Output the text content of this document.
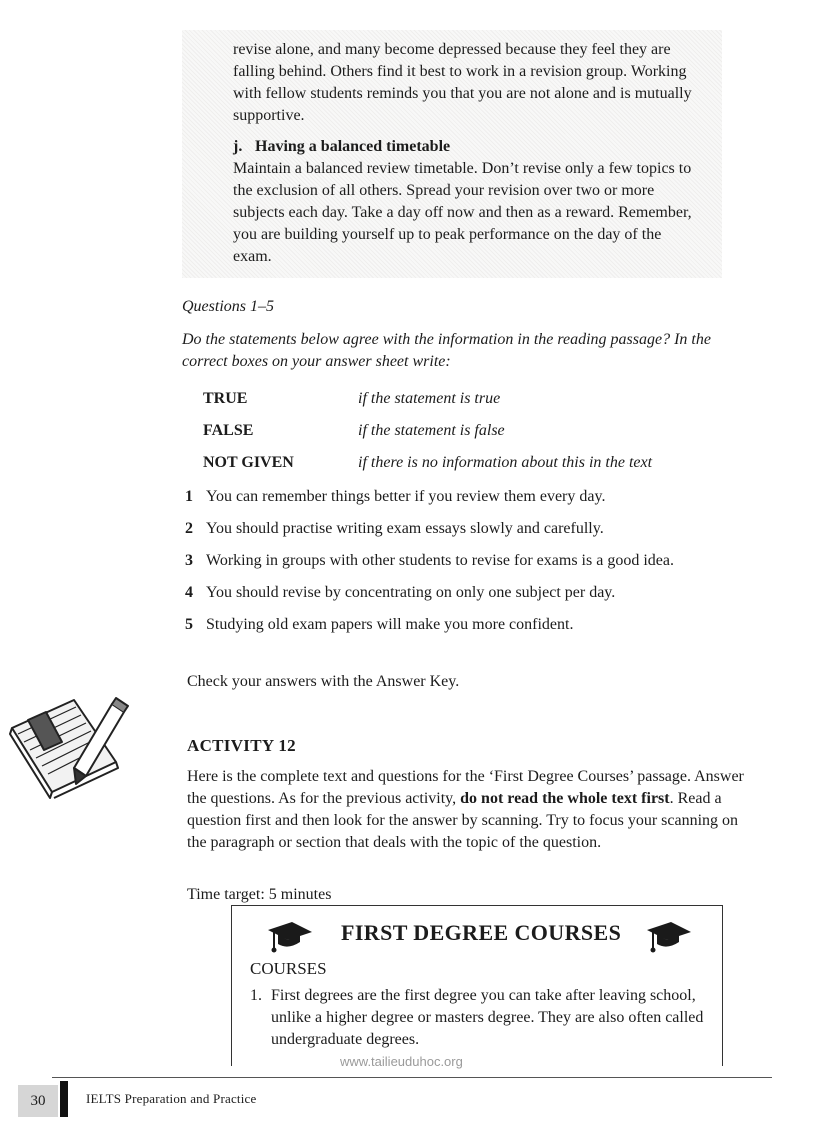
revise alone, and many become depressed because they feel they are falling behind. Others find it best to work in a revision group. Working with fellow students reminds you that you are not alone and is mutually supportive.

j. Having a balanced timetable

Maintain a balanced review timetable. Don’t revise only a few topics to the exclusion of all others. Spread your revision over two or more subjects each day. Take a day off now and then as a reward. Remember, you are building yourself up to peak performance on the day of the exam.

Questions 1–5

Do the statements below agree with the information in the reading passage? In the correct boxes on your answer sheet write:

TRUE	if the statement is true
FALSE	if the statement is false
NOT GIVEN	if there is no information about this in the text
1 You can remember things better if you review them every day.
2 You should practise writing exam essays slowly and carefully.
3 Working in groups with other students to revise for exams is a good idea.
4 You should revise by concentrating on only one subject per day.
5 Studying old exam papers will make you more confident.
Check your answers with the Answer Key.
ACTIVITY 12

Here is the complete text and questions for the ‘First Degree Courses’ passage. Answer the questions. As for the previous activity, do not read the whole text first. Read a question first and then look for the answer by scanning. Try to focus your scanning on the paragraph or section that deals with the topic of the question.

Time target: 5 minutes
FIRST DEGREE COURSES
COURSES
1. First degrees are the first degree you can take after leaving school, unlike a higher degree or masters degree. They are also often called undergraduate degrees.
www.tailieuduhoc.org
30	IELTS Preparation and Practice
